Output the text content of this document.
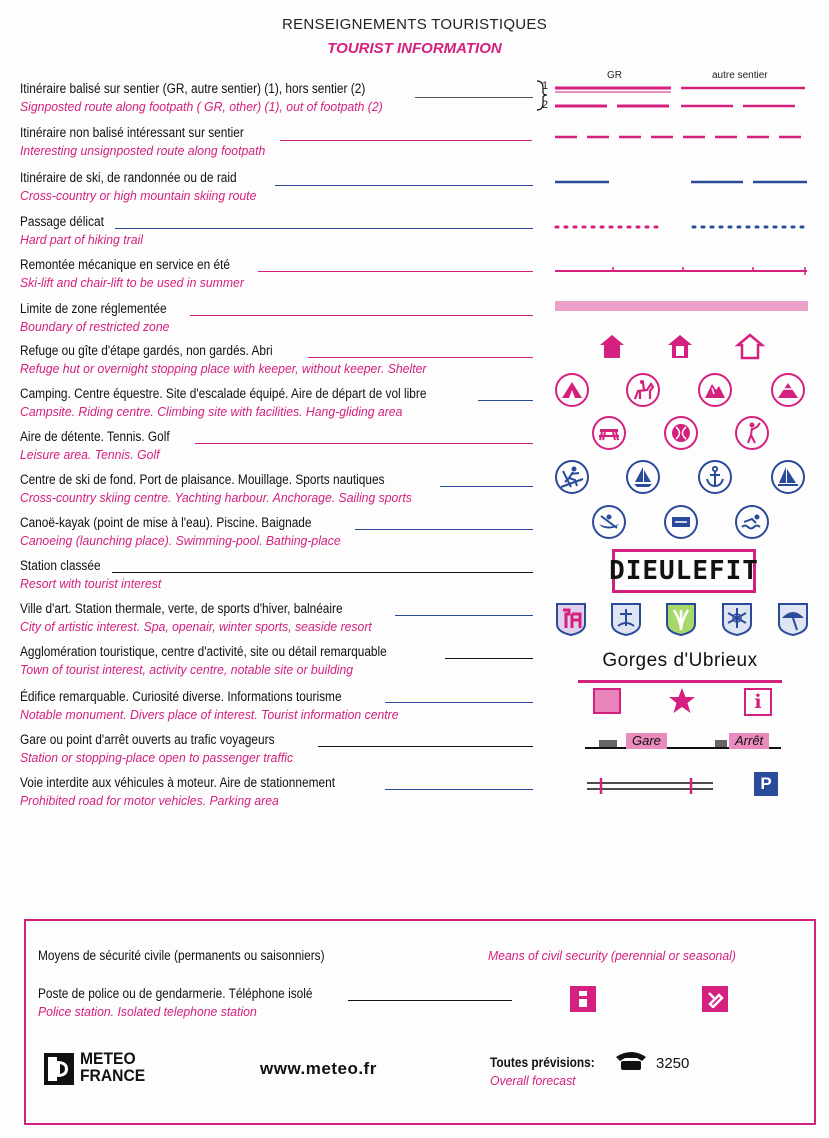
RENSEIGNEMENTS TOURISTIQUES
TOURIST INFORMATION
Itinéraire balisé sur sentier (GR, autre sentier) (1), hors sentier (2)
Signposted route along footpath ( GR, other) (1), out of footpath (2)
Itinéraire non balisé intéressant sur sentier
Interesting unsignposted route along footpath
Itinéraire de ski, de randonnée ou de raid
Cross-country or high mountain skiing route
Passage délicat
Hard part of hiking trail
Remontée mécanique en service en été
Ski-lift and chair-lift to be used in summer
Limite de zone réglementée
Boundary of restricted zone
Refuge ou gîte d'étape gardés, non gardés. Abri
Refuge hut or overnight stopping place with keeper, without keeper. Shelter
Camping. Centre équestre. Site d'escalade équipé. Aire de départ de vol libre
Campsite. Riding centre. Climbing site with facilities. Hang-gliding area
Aire de détente. Tennis. Golf
Leisure area. Tennis. Golf
Centre de ski de fond. Port de plaisance. Mouillage. Sports nautiques
Cross-country skiing centre. Yachting harbour. Anchorage. Sailing sports
Canoë-kayak (point de mise à l'eau). Piscine. Baignade
Canoeing (launching place). Swimming-pool. Bathing-place
Station classée
Resort with tourist interest
Ville d'art. Station thermale, verte, de sports d'hiver, balnéaire
City of artistic interest. Spa, openair, winter sports, seaside resort
Agglomération touristique, centre d'activité, site ou détail remarquable
Town of tourist interest, activity centre, notable site or building
Édifice remarquable. Curiosité diverse. Informations tourisme
Notable monument. Divers place of interest. Tourist information centre
Gare ou point d'arrêt ouverts au trafic voyageurs
Station or stopping-place open to passenger traffic
Voie interdite aux véhicules à moteur. Aire de stationnement
Prohibited road for motor vehicles. Parking area
GR	autre sentier
1
2
DIEULEFIT
Gorges d'Ubrieux
i
Gare	Arrêt
P
Moyens de sécurité civile (permanents ou saisonniers)	Means of civil security (perennial or seasonal)
Poste de police ou de gendarmerie. Téléphone isolé
Police station. Isolated telephone station
METEO
FRANCE	www.meteo.fr	Toutes prévisions:
Overall forecast
3250
